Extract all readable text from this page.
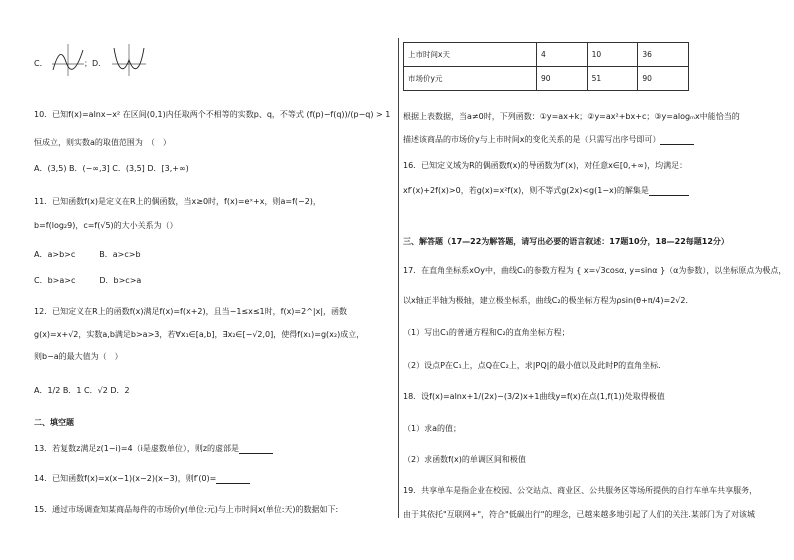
C．	；D．
10．已知f(x)=alnx−x² 在区间(0,1)内任取两个不相等的实数p、q，不等式 (f(p)−f(q))/(p−q) > 1
恒成立，则实数a的取值范围为　（　）
A．(3,5) B．(−∞,3] C．(3,5] D．[3,+∞)
11．已知函数f(x)是定义在R上的偶函数，当x≥0时，f(x)=eˣ+x，则a=f(−2)，
b=f(log₂9)，c=f(√5)的大小关系为（）
A．a>b>c　　　B．a>c>b
C．b>a>c　　　D．b>c>a
12．已知定义在R上的函数f(x)满足f(x)=f(x+2)，且当−1≤x≤1时，f(x)=2^|x|，函数
g(x)=x+√2，实数a,b满足b>a>3，若∀x₁∈[a,b]，∃x₂∈[−√2,0]，使得f(x₁)=g(x₂)成立，
则b−a的最大值为（　）
A．1/2 B．1 C．√2 D．2
二、填空题
13．若复数z满足z(1−i)=4（i是虚数单位），则z的虚部是
14．已知函数f(x)=x(x−1)(x−2)(x−3)，则f′(0)=
15．通过市场调查知某商品每件的市场价y(单位:元)与上市时间x(单位:天)的数据如下:
上市时间x天	4	10	36
市场价y元	90	51	90
根据上表数据，当a≠0时，下列函数：①y=ax+k；②y=ax²+bx+c；③y=alogₘx中能恰当的
描述该商品的市场价y与上市时间x的变化关系的是（只需写出序号即可）
16．已知定义域为R的偶函数f(x)的导函数为f′(x)，对任意x∈[0,+∞)，均满足：
xf′(x)+2f(x)>0，若g(x)=x²f(x)，则不等式g(2x)<g(1−x)的解集是
三、解答题（17—22为解答题，请写出必要的语言叙述：17题10分，18—22每题12分）
17．在直角坐标系xOy中，曲线C₁的参数方程为 { x=√3cosα, y=sinα }（α为参数），以坐标原点为极点，
以x轴正半轴为极轴，建立极坐标系，曲线C₂的极坐标方程为ρsin(θ+π/4)=2√2．
（1）写出C₁的普通方程和C₂的直角坐标方程；
（2）设点P在C₁上，点Q在C₂上，求|PQ|的最小值以及此时P的直角坐标．
18．设f(x)=alnx+1/(2x)−(3/2)x+1曲线y=f(x)在点(1,f(1))处取得极值
（1）求a的值；
（2）求函数f(x)的单调区间和极值
19．共享单车是指企业在校园、公交站点、商业区、公共服务区等场所提供的自行车单车共享服务，
由于其依托"互联网+"，符合"低碳出行"的理念，已越来越多地引起了人们的关注.某部门为了对该城
